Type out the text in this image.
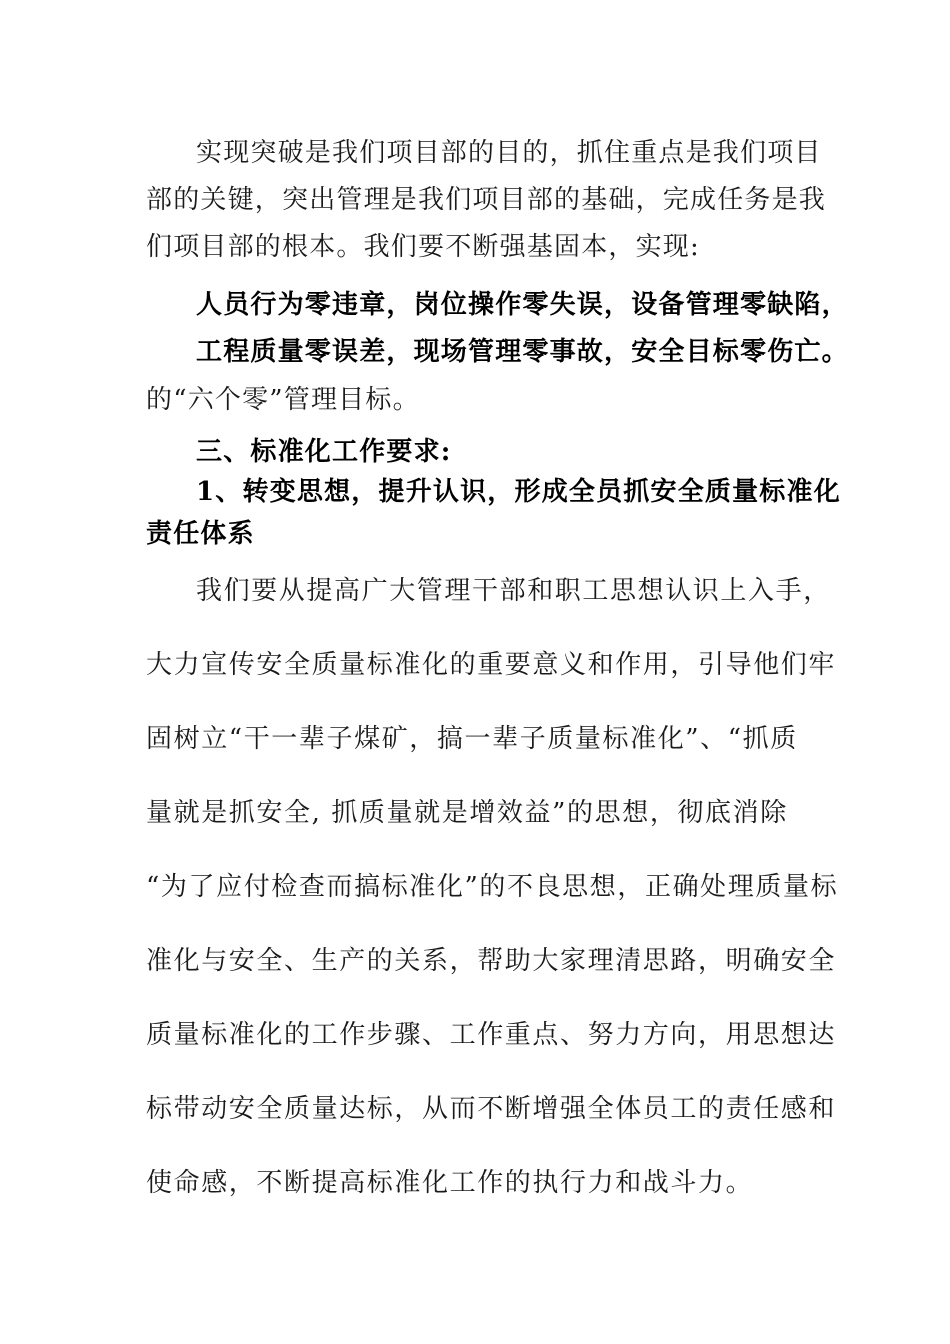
实现突破是我们项目部的目的，抓住重点是我们项目
部的关键，突出管理是我们项目部的基础，完成任务是我
们项目部的根本。我们要不断强基固本，实现:
人员行为零违章，岗位操作零失误，设备管理零缺陷，
工程质量零误差，现场管理零事故，安全目标零伤亡。
的“六个零”管理目标。
三、标准化工作要求:
1、转变思想，提升认识，形成全员抓安全质量标准化
责任体系
我们要从提高广大管理干部和职工思想认识上入手，
大力宣传安全质量标准化的重要意义和作用，引导他们牢
固树立“干一辈子煤矿，搞一辈子质量标准化”、“抓质
量就是抓安全, 抓质量就是增效益”的思想，彻底消除
“为了应付检查而搞标准化”的不良思想，正确处理质量标
准化与安全、生产的关系，帮助大家理清思路，明确安全
质量标准化的工作步骤、工作重点、努力方向，用思想达
标带动安全质量达标，从而不断增强全体员工的责任感和
使命感，不断提高标准化工作的执行力和战斗力。
